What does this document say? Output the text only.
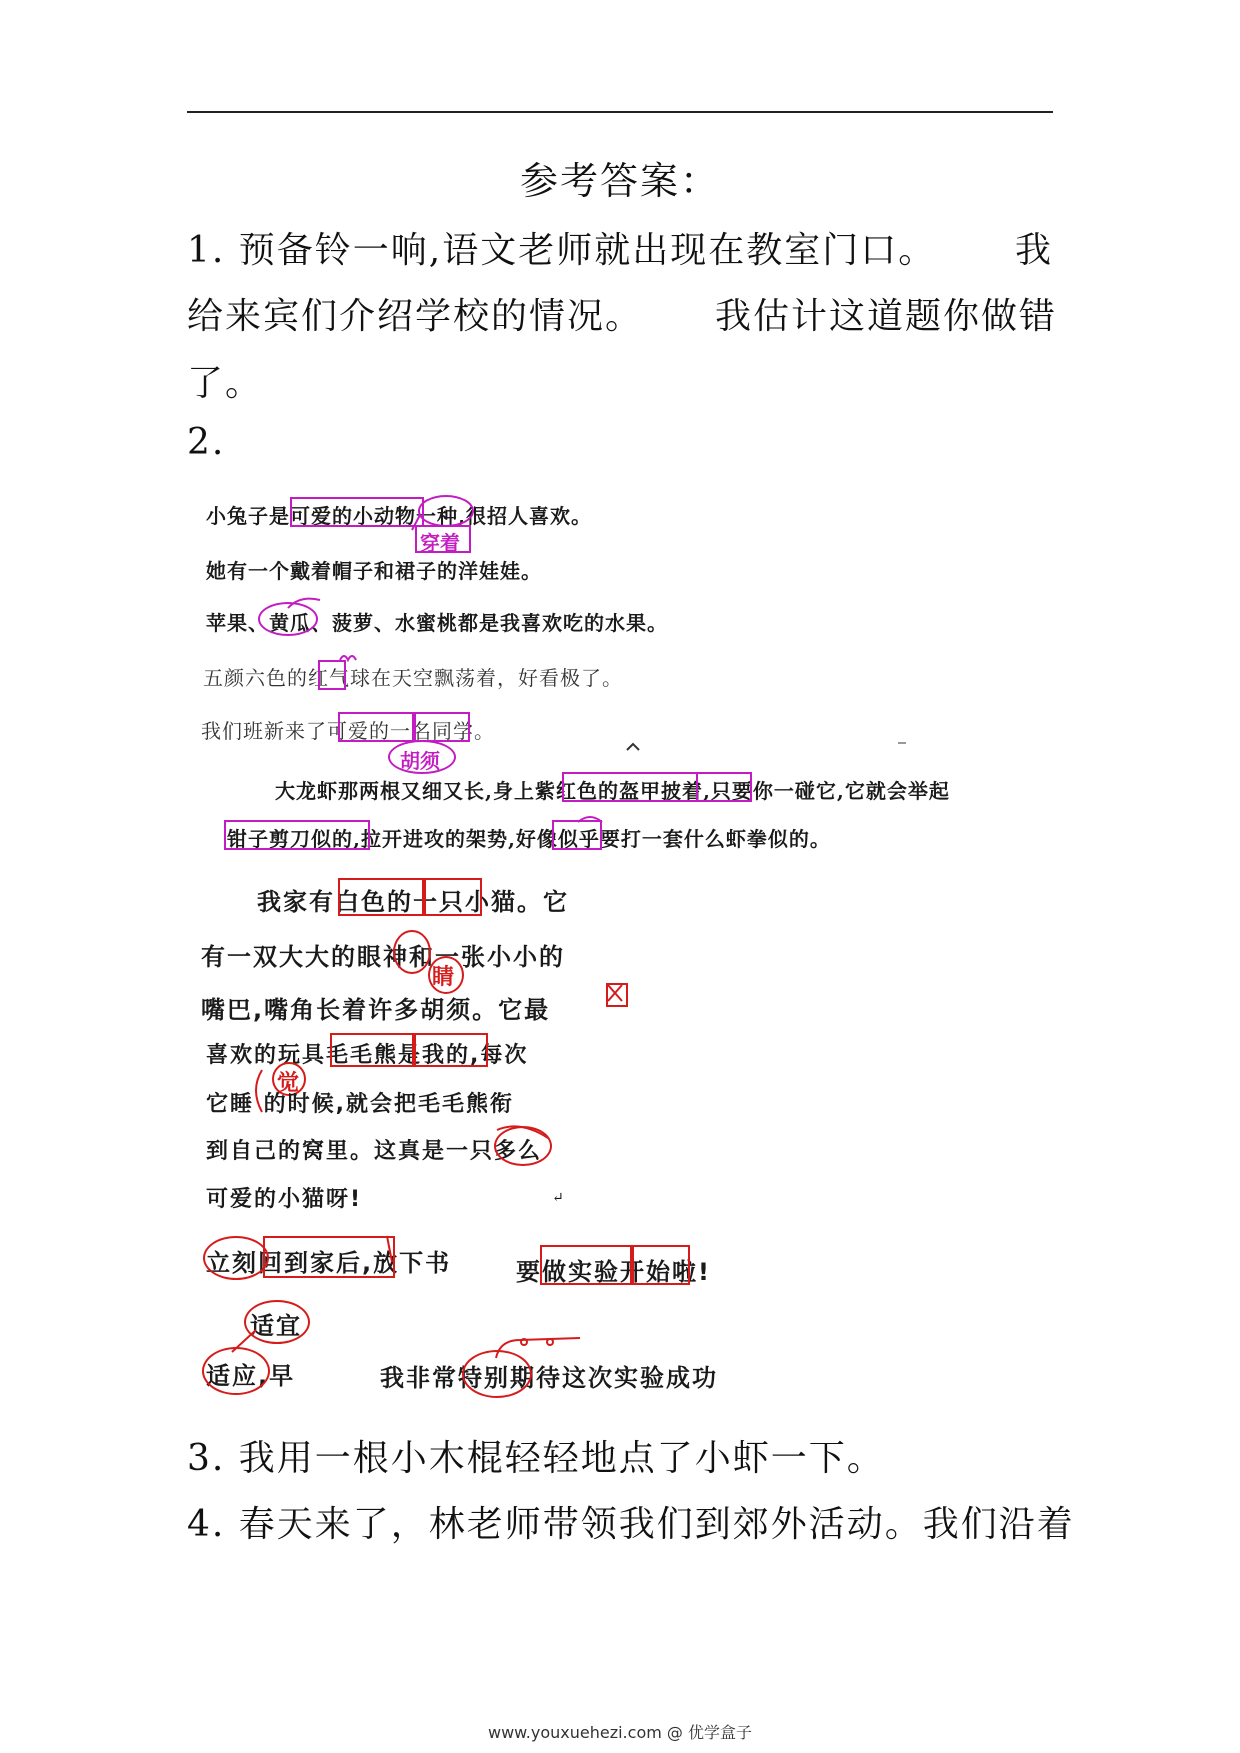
参考答案：
1. 预备铃一响,语文老师就出现在教室门口。 我
给来宾们介绍学校的情况。 我估计这道题你做错
了。
2.
小兔子是可爱的小动物一种,很招人喜欢。
穿着
她有一个戴着帽子和裙子的洋娃娃。
苹果、黄瓜、菠萝、水蜜桃都是我喜欢吃的水果。
五颜六色的红气球在天空飘荡着，好看极了。
我们班新来了可爱的一名同学。
胡须
大龙虾那两根又细又长,身上紫红色的盔甲披着,只要你一碰它,它就会举起
钳子剪刀似的,拉开进攻的架势,好像似乎要打一套什么虾拳似的。
我家有白色的一只小猫。它
有一双大大的眼神和一张小小的
睛
嘴巴,嘴角长着许多胡须。它最
喜欢的玩具毛毛熊是我的,每次
觉
它睡 的时候,就会把毛毛熊衔
到自己的窝里。这真是一只多么
可爱的小猫呀!	↵
立刻回到家后,放下书	要做实验开始啦!
适宜
适应,早	我非常特别期待这次实验成功
3. 我用一根小木棍轻轻地点了小虾一下。
4. 春天来了，林老师带领我们到郊外活动。我们沿着
www.youxuehezi.com @ 优学盒子
